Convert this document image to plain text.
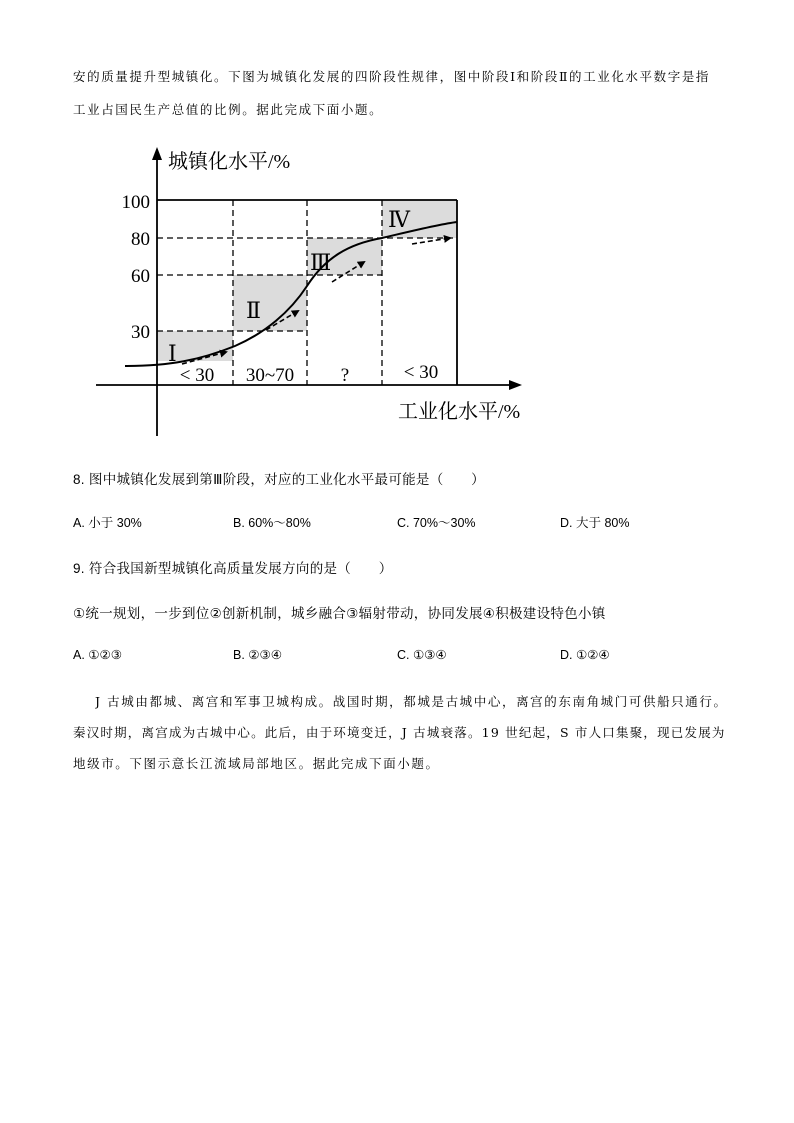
安的质量提升型城镇化。下图为城镇化发展的四阶段性规律，图中阶段Ⅰ和阶段Ⅱ的工业化水平数字是指
工业占国民生产总值的比例。据此完成下面小题。
城镇化水平/%
工业化水平/%
100
80
60
30
Ⅰ
Ⅱ
Ⅲ
Ⅳ
< 30 30~70 ?	< 30
8. 图中城镇化发展到第Ⅲ阶段，对应的工业化水平最可能是（　　）
A. 小于 30%	B. 60%～80%	C. 70%～30%	D. 大于 80%
9. 符合我国新型城镇化高质量发展方向的是（　　）
①统一规划，一步到位②创新机制，城乡融合③辐射带动，协同发展④积极建设特色小镇
A. ①②③	B. ②③④	C. ①③④	D. ①②④
J 古城由都城、离宫和军事卫城构成。战国时期，都城是古城中心，离宫的东南角城门可供船只通行。
秦汉时期，离宫成为古城中心。此后，由于环境变迁，J 古城衰落。19 世纪起，S 市人口集聚，现已发展为
地级市。下图示意长江流域局部地区。据此完成下面小题。
